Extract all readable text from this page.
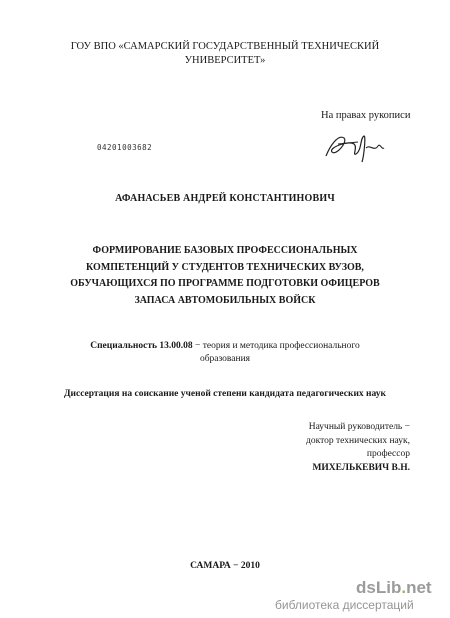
ГОУ ВПО «САМАРСКИЙ ГОСУДАРСТВЕННЫЙ ТЕХНИЧЕСКИЙ
УНИВЕРСИТЕТ»
На правах рукописи
04201003682
АФАНАСЬЕВ АНДРЕЙ КОНСТАНТИНОВИЧ
ФОРМИРОВАНИЕ БАЗОВЫХ ПРОФЕССИОНАЛЬНЫХ
КОМПЕТЕНЦИЙ У СТУДЕНТОВ ТЕХНИЧЕСКИХ ВУЗОВ,
ОБУЧАЮЩИХСЯ ПО ПРОГРАММЕ ПОДГОТОВКИ ОФИЦЕРОВ
ЗАПАСА АВТОМОБИЛЬНЫХ ВОЙСК
Специальность 13.00.08 − теория и методика профессионального
образования
Диссертация на соискание ученой степени кандидата педагогических наук
Научный руководитель −
доктор технических наук,
профессор
МИХЕЛЬКЕВИЧ В.Н.
САМАРА − 2010
dsLib.net
библиотека диссертаций
